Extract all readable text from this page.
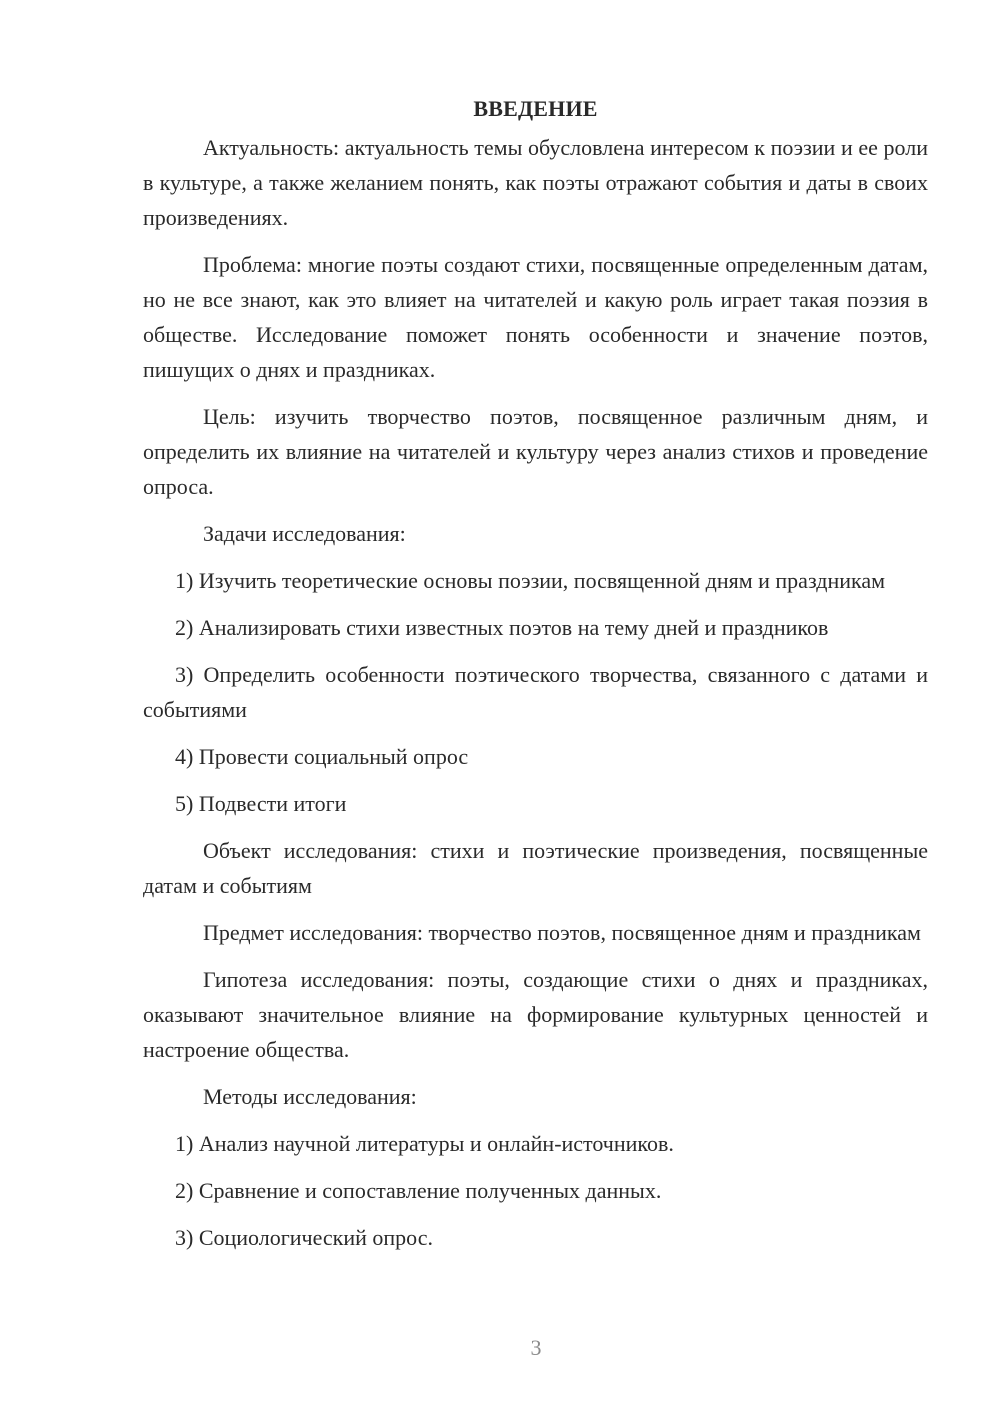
ВВЕДЕНИЕ

Актуальность: актуальность темы обусловлена интересом к поэзии и ее роли в культуре, а также желанием понять, как поэты отражают события и даты в своих произведениях.

Проблема: многие поэты создают стихи, посвященные определенным датам, но не все знают, как это влияет на читателей и какую роль играет такая поэзия в обществе. Исследование поможет понять особенности и значение поэтов, пишущих о днях и праздниках.

Цель: изучить творчество поэтов, посвященное различным дням, и определить их влияние на читателей и культуру через анализ стихов и проведение опроса.

Задачи исследования:

1) Изучить теоретические основы поэзии, посвященной дням и праздникам

2) Анализировать стихи известных поэтов на тему дней и праздников

3) Определить особенности поэтического творчества, связанного с датами и событиями

4) Провести социальный опрос

5) Подвести итоги

Объект исследования: стихи и поэтические произведения, посвященные датам и событиям

Предмет исследования: творчество поэтов, посвященное дням и праздникам

Гипотеза исследования: поэты, создающие стихи о днях и праздниках, оказывают значительное влияние на формирование культурных ценностей и настроение общества.

Методы исследования:

1) Анализ научной литературы и онлайн-источников.

2) Сравнение и сопоставление полученных данных.

3) Социологический опрос.

3
